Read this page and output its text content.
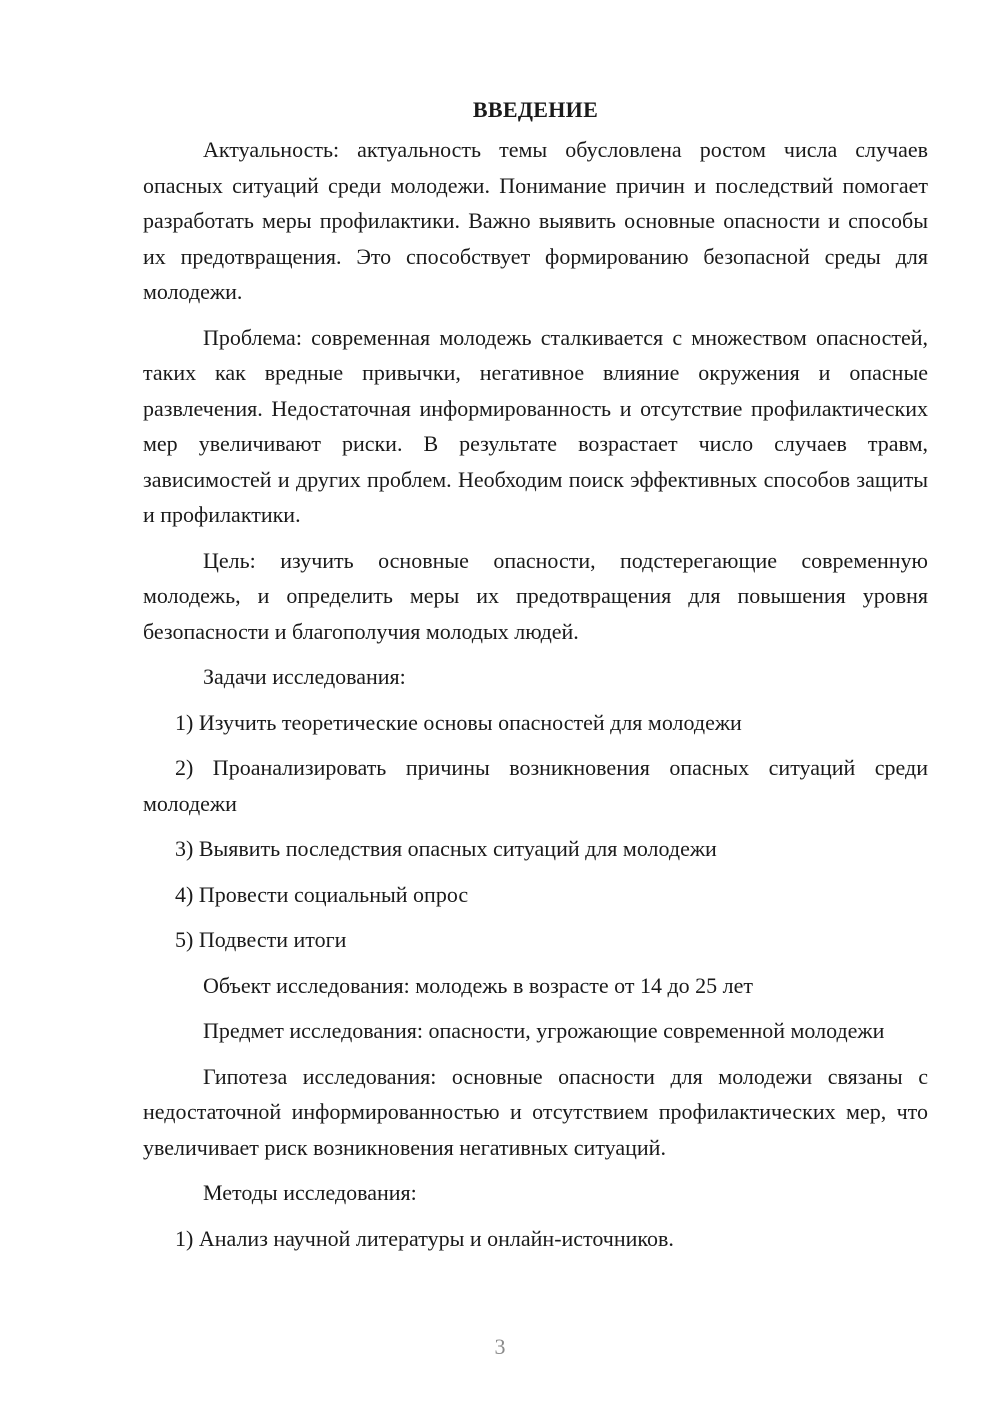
ВВЕДЕНИЕ

Актуальность: актуальность темы обусловлена ростом числа случаев опасных ситуаций среди молодежи. Понимание причин и последствий помогает разработать меры профилактики. Важно выявить основные опасности и способы их предотвращения. Это способствует формированию безопасной среды для молодежи.

Проблема: современная молодежь сталкивается с множеством опасностей, таких как вредные привычки, негативное влияние окружения и опасные развлечения. Недостаточная информированность и отсутствие профилактических мер увеличивают риски. В результате возрастает число случаев травм, зависимостей и других проблем. Необходим поиск эффективных способов защиты и профилактики.

Цель: изучить основные опасности, подстерегающие современную молодежь, и определить меры их предотвращения для повышения уровня безопасности и благополучия молодых людей.

Задачи исследования:

1) Изучить теоретические основы опасностей для молодежи

2) Проанализировать причины возникновения опасных ситуаций среди молодежи

3) Выявить последствия опасных ситуаций для молодежи

4) Провести социальный опрос

5) Подвести итоги

Объект исследования: молодежь в возрасте от 14 до 25 лет

Предмет исследования: опасности, угрожающие современной молодежи

Гипотеза исследования: основные опасности для молодежи связаны с недостаточной информированностью и отсутствием профилактических мер, что увеличивает риск возникновения негативных ситуаций.

Методы исследования:

1) Анализ научной литературы и онлайн-источников.

3
